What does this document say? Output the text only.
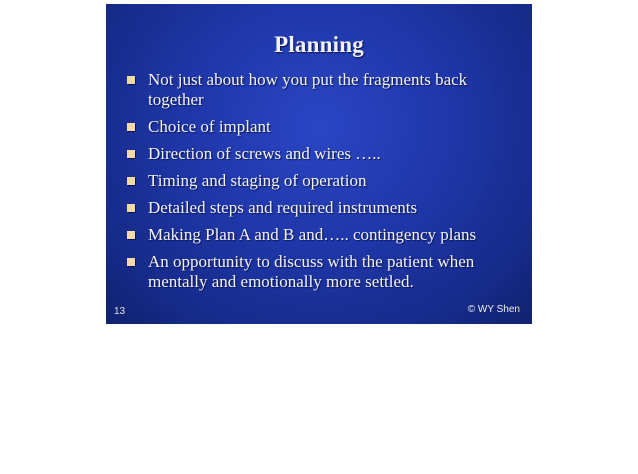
Planning
Not just about how you put the fragments back together
Choice of implant
Direction of screws and wires …..
Timing and staging of operation
Detailed steps and required instruments
Making Plan A and B and….. contingency plans
An opportunity to discuss with the patient when mentally and emotionally more settled.
13	© WY Shen
